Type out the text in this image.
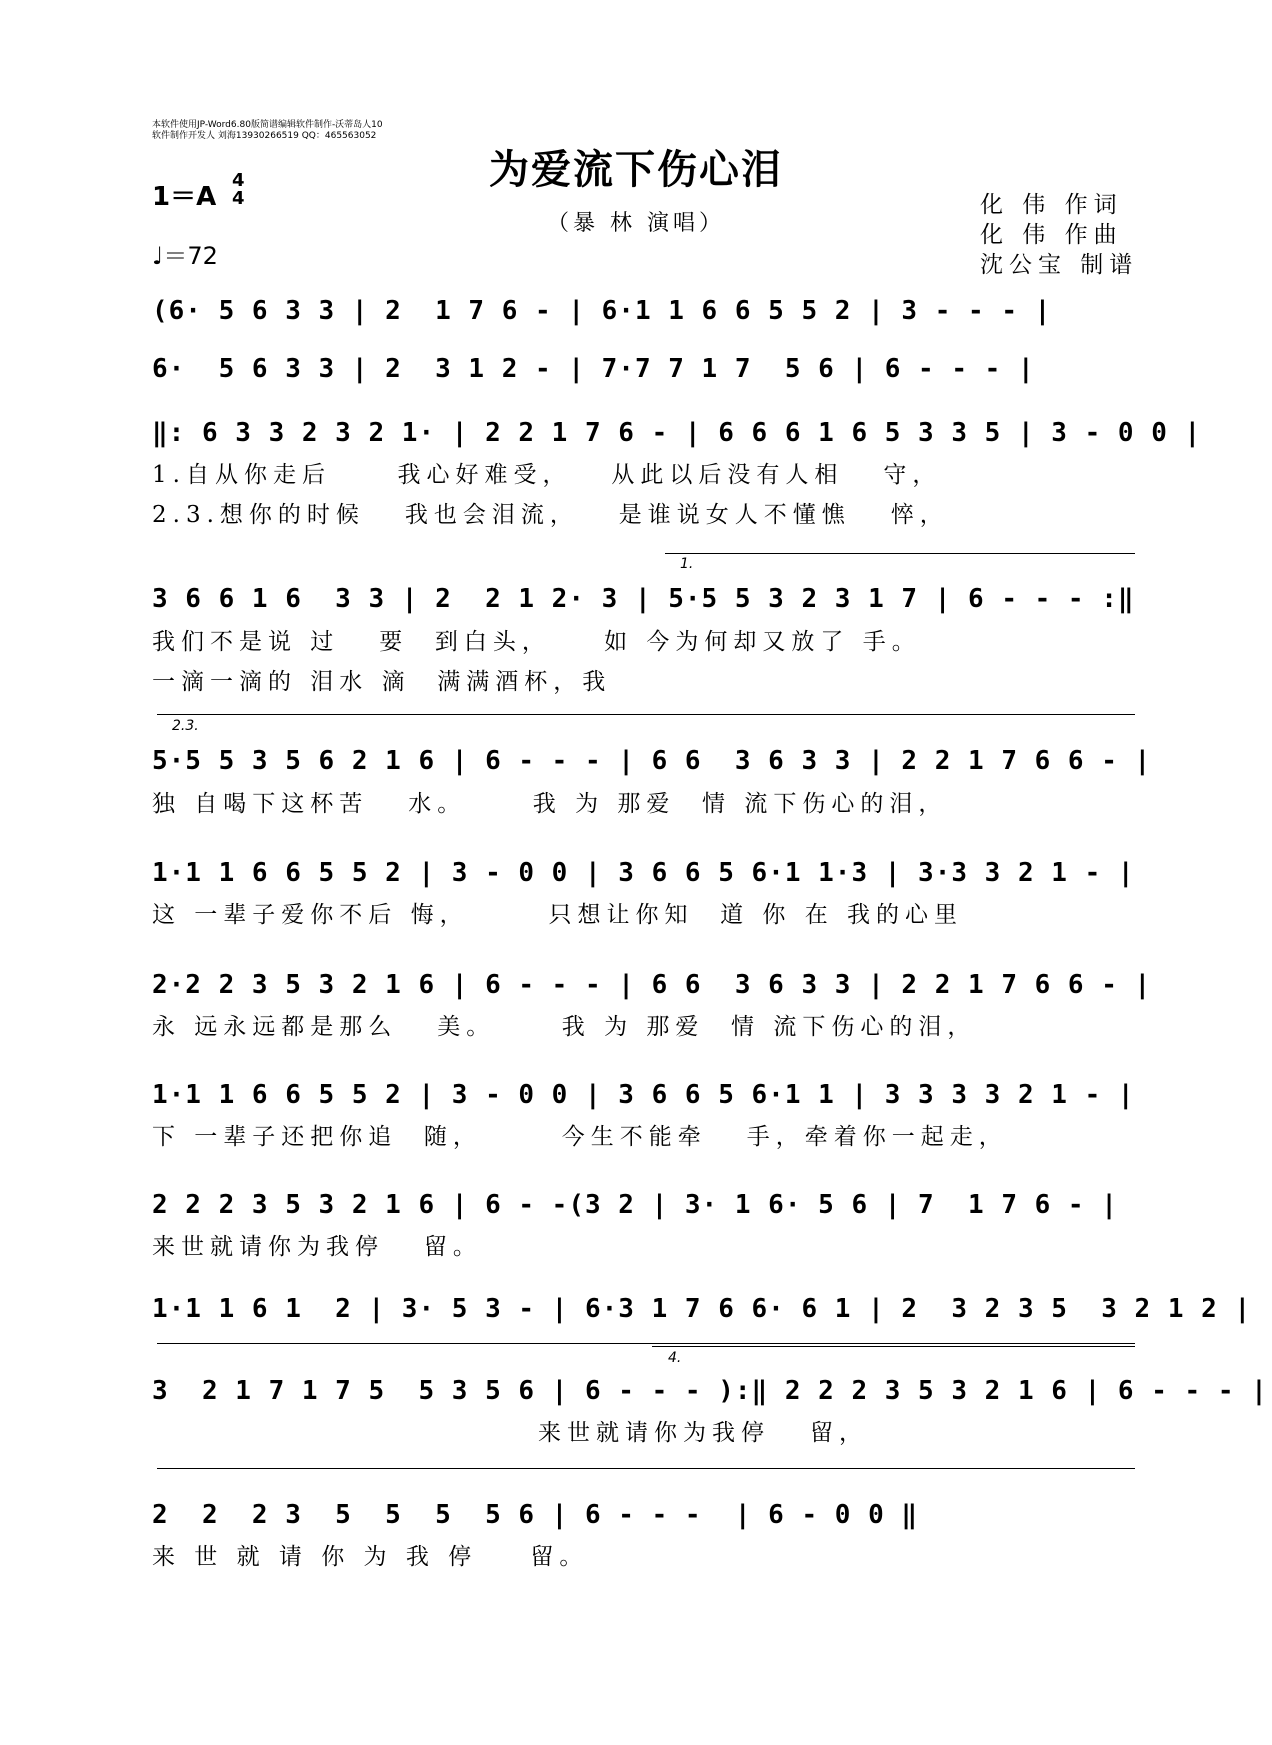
本软件使用JP-Word6.80版简谱编辑软件制作-沃蒂岛人10
软件制作开发人 刘海13930266519 QQ：465563052
为爱流下伤心泪
（暴 林 演唱）
1＝A
4
4
♩＝72
化 伟 作词
化 伟 作曲
沈公宝 制谱
(6· 5 6 3 3 | 2  1 7 6 - | 6·1 1 6 6 5 5 2 | 3 - - - |
6·  5 6 3 3 | 2  3 1 2 - | 7·7 7 1 7  5 6 | 6 - - - |
‖: 6 3 3 2 3 2 1· | 2 2 1 7 6 - | 6 6 6 1 6 5 3 3 5 | 3 - 0 0 |
1.自从你走后     我心好难受，   从此以后没有人相   守，
2.3.想你的时候   我也会泪流，   是谁说女人不懂憔   悴，
1.
3 6 6 1 6  3 3 | 2  2 1 2· 3 | 5·5 5 3 2 3 1 7 | 6 - - - :‖
我们不是说 过   要  到白头，    如 今为何却又放了 手。
一滴一滴的 泪水 滴  满满酒杯，我
2.3.
5·5 5 3 5 6 2 1 6 | 6 - - - | 6 6  3 6 3 3 | 2 2 1 7 6 6 - |
独 自喝下这杯苦   水。     我 为 那爱  情 流下伤心的泪，
1·1 1 6 6 5 5 2 | 3 - 0 0 | 3 6 6 5 6·1 1·3 | 3·3 3 2 1 - |
这 一辈子爱你不后 悔，      只想让你知  道 你 在 我的心里
2·2 2 3 5 3 2 1 6 | 6 - - - | 6 6  3 6 3 3 | 2 2 1 7 6 6 - |
永 远永远都是那么   美。     我 为 那爱  情 流下伤心的泪，
1·1 1 6 6 5 5 2 | 3 - 0 0 | 3 6 6 5 6·1 1 | 3 3 3 3 2 1 - |
下 一辈子还把你追  随，      今生不能牵   手，牵着你一起走，
2 2 2 3 5 3 2 1 6 | 6 - -(3 2 | 3· 1 6· 5 6 | 7  1 7 6 - |
来世就请你为我停   留。
1·1 1 6 1  2 | 3· 5 3 - | 6·3 1 7 6 6· 6 1 | 2  3 2 3 5  3 2 1 2 |
4.
3  2 1 7 1 7 5  5 3 5 6 | 6 - - - ):‖ 2 2 2 3 5 3 2 1 6 | 6 - - - |
来世就请你为我停   留，
2  2  2 3  5  5  5  5 6 | 6 - - -  | 6 - 0 0 ‖
来 世 就 请 你 为 我 停    留。
